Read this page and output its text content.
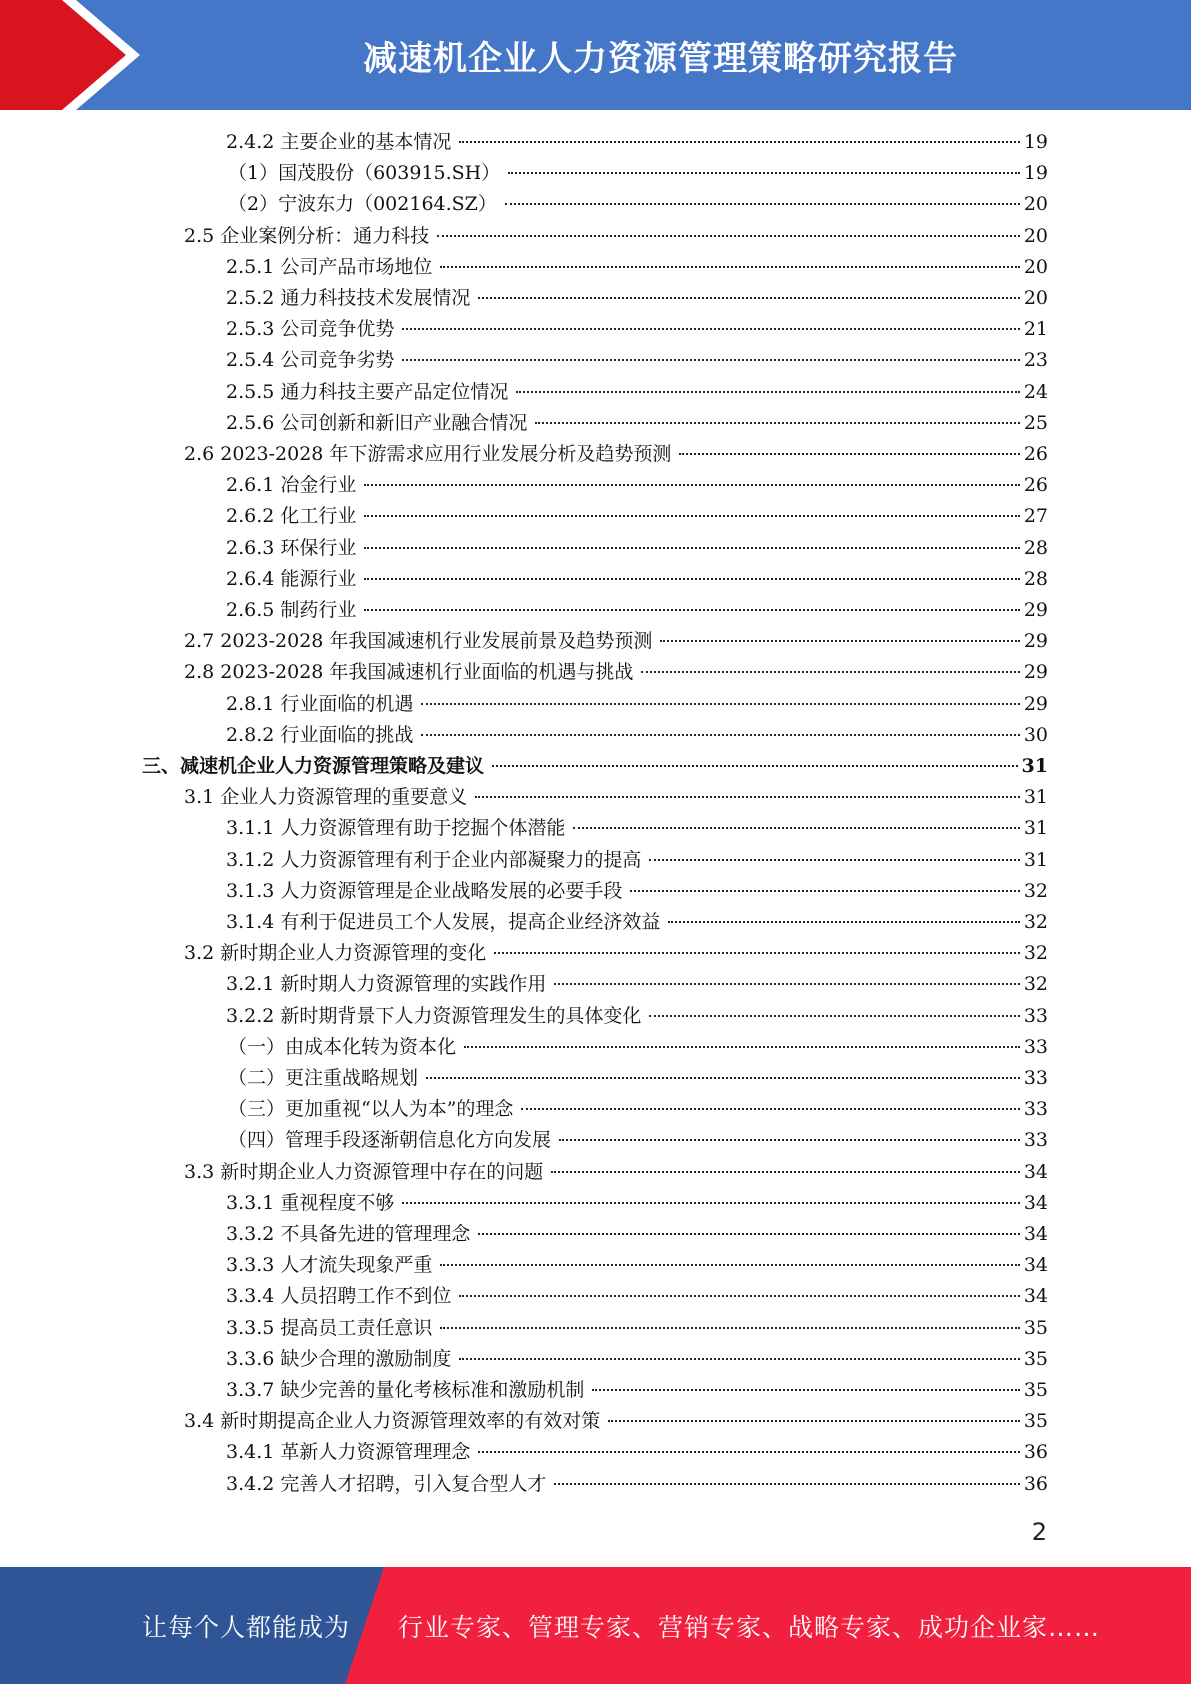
减速机企业人力资源管理策略研究报告
2.4.2 主要企业的基本情况	19
（1）国茂股份（603915.SH）	19
（2）宁波东力（002164.SZ）	20
2.5 企业案例分析：通力科技	20
2.5.1 公司产品市场地位	20
2.5.2 通力科技技术发展情况	20
2.5.3 公司竞争优势	21
2.5.4 公司竞争劣势	23
2.5.5 通力科技主要产品定位情况	24
2.5.6 公司创新和新旧产业融合情况	25
2.6 2023-2028 年下游需求应用行业发展分析及趋势预测	26
2.6.1 冶金行业	26
2.6.2 化工行业	27
2.6.3 环保行业	28
2.6.4 能源行业	28
2.6.5 制药行业	29
2.7 2023-2028 年我国减速机行业发展前景及趋势预测	29
2.8 2023-2028 年我国减速机行业面临的机遇与挑战	29
2.8.1 行业面临的机遇	29
2.8.2 行业面临的挑战	30
三、减速机企业人力资源管理策略及建议	31
3.1 企业人力资源管理的重要意义	31
3.1.1 人力资源管理有助于挖掘个体潜能	31
3.1.2 人力资源管理有利于企业内部凝聚力的提高	31
3.1.3 人力资源管理是企业战略发展的必要手段	32
3.1.4 有利于促进员工个人发展，提高企业经济效益	32
3.2 新时期企业人力资源管理的变化	32
3.2.1 新时期人力资源管理的实践作用	32
3.2.2 新时期背景下人力资源管理发生的具体变化	33
（一）由成本化转为资本化	33
（二）更注重战略规划	33
（三）更加重视“以人为本”的理念	33
（四）管理手段逐渐朝信息化方向发展	33
3.3 新时期企业人力资源管理中存在的问题	34
3.3.1 重视程度不够	34
3.3.2 不具备先进的管理理念	34
3.3.3 人才流失现象严重	34
3.3.4 人员招聘工作不到位	34
3.3.5 提高员工责任意识	35
3.3.6 缺少合理的激励制度	35
3.3.7 缺少完善的量化考核标准和激励机制	35
3.4 新时期提高企业人力资源管理效率的有效对策	35
3.4.1 革新人力资源管理理念	36
3.4.2 完善人才招聘，引入复合型人才	36
2
让每个人都能成为 行业专家、管理专家、营销专家、战略专家、成功企业家……
